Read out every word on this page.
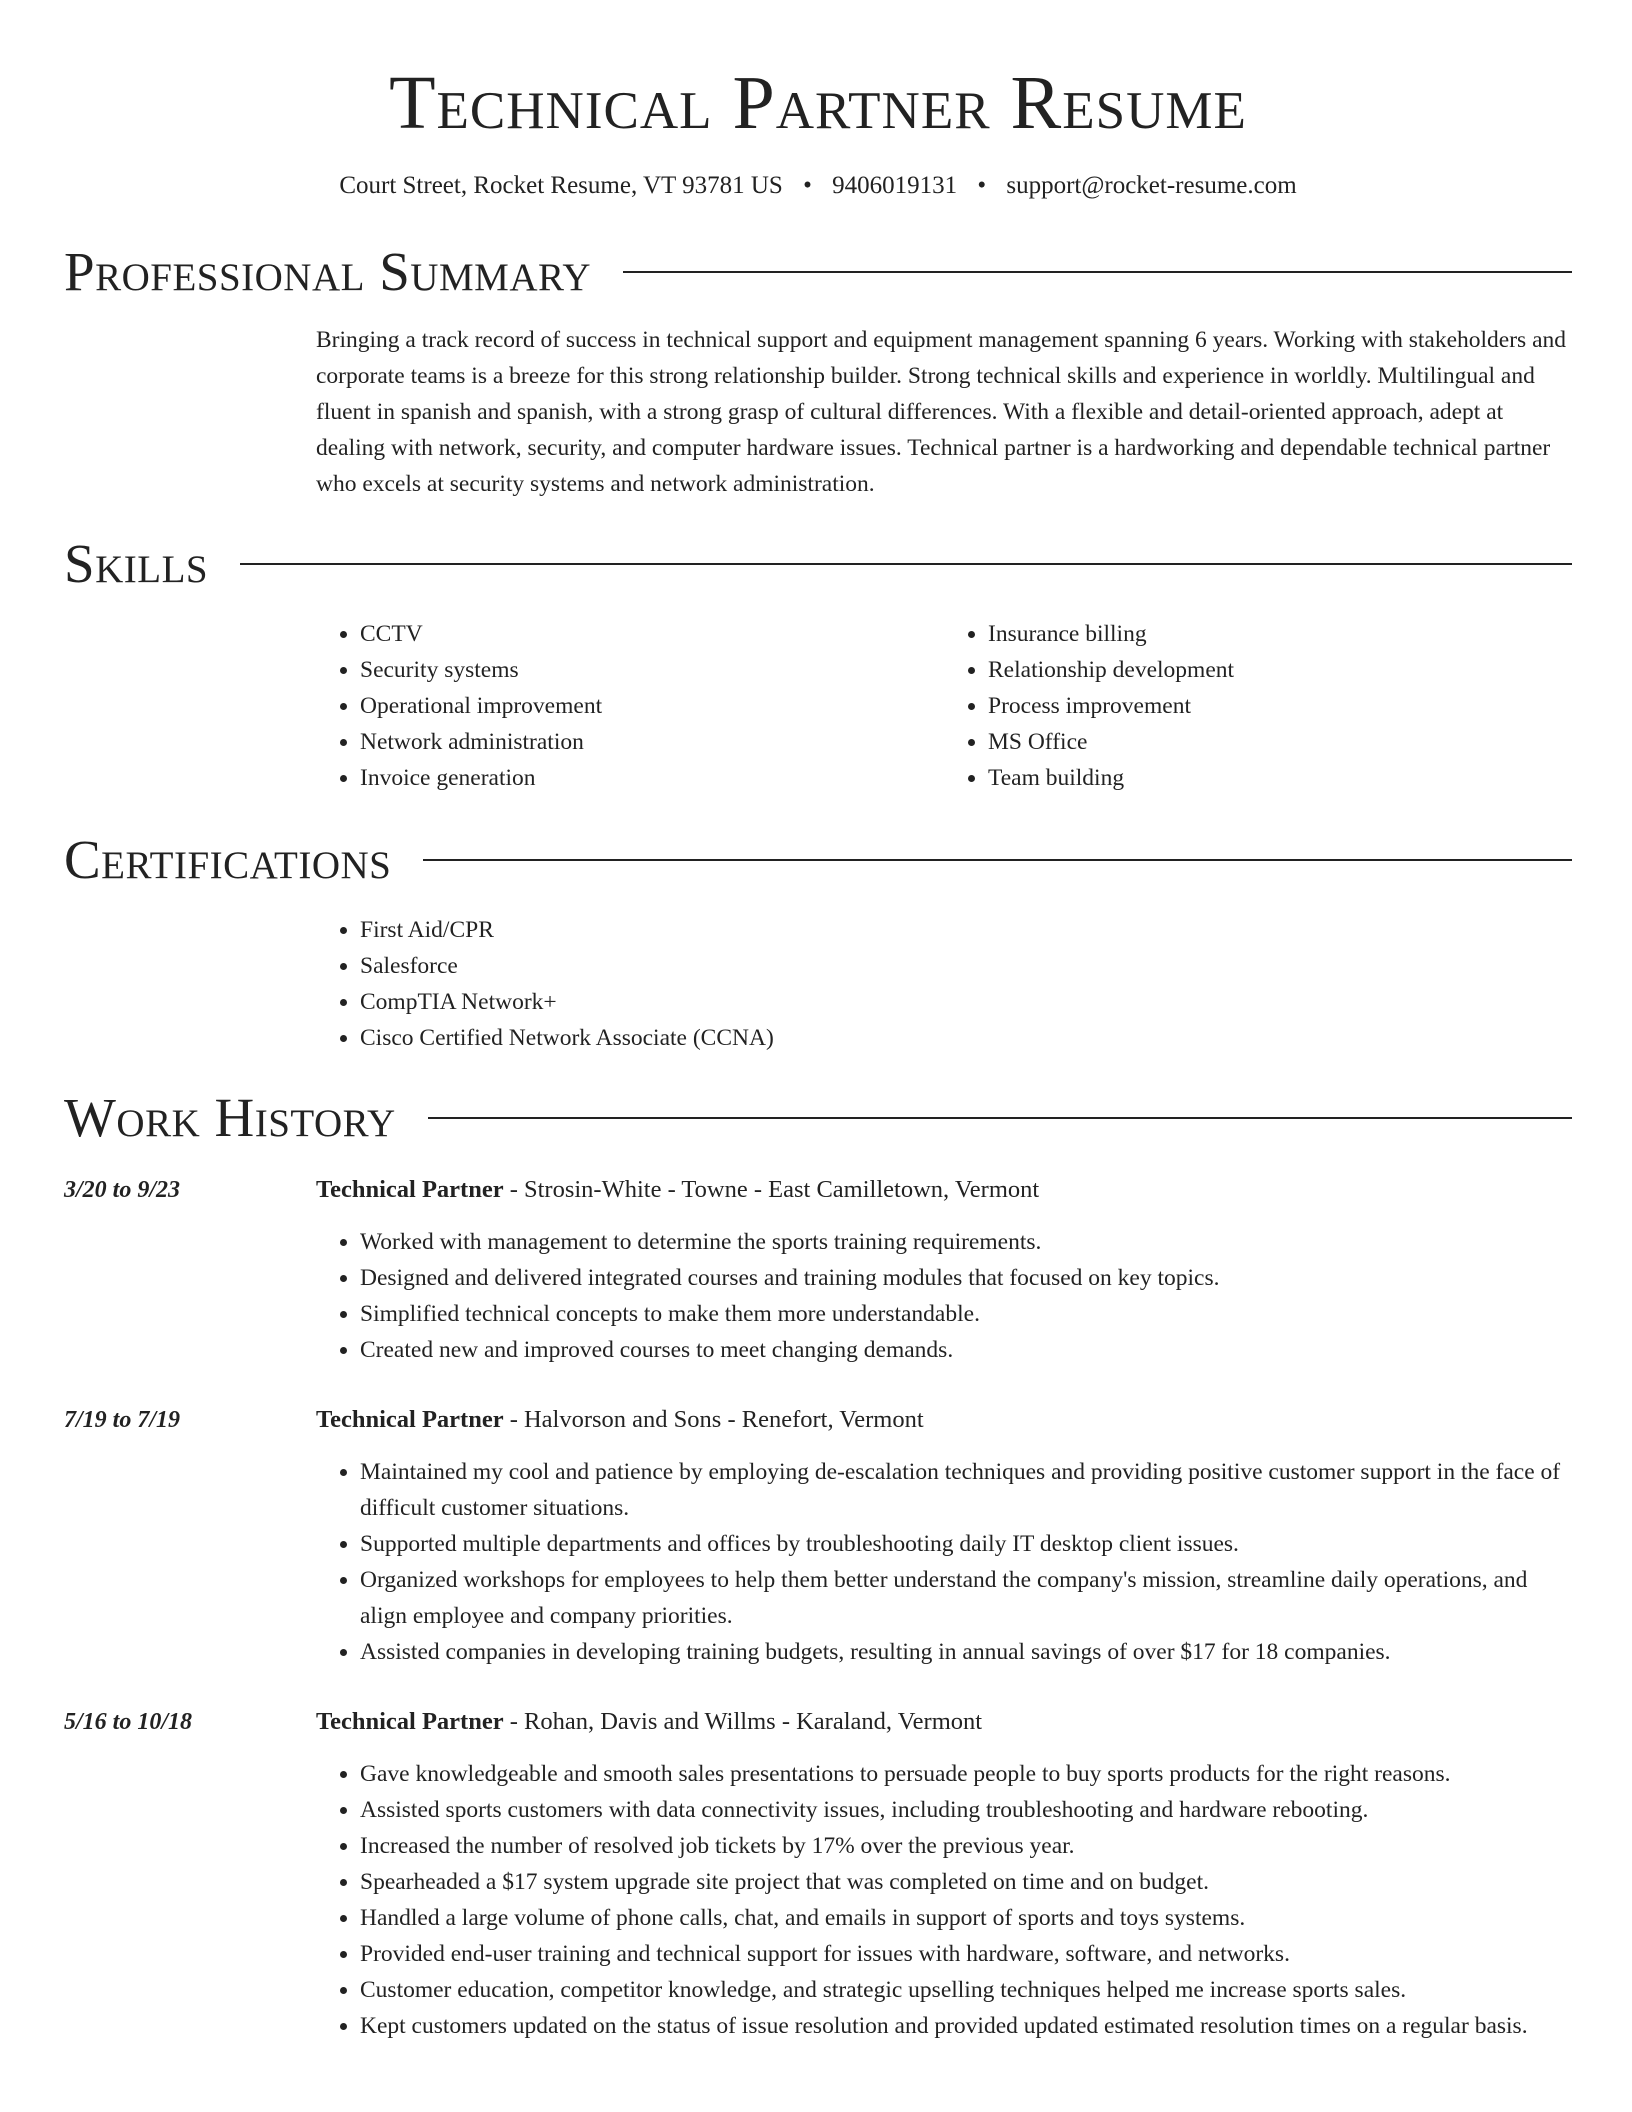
Technical Partner Resume
Court Street, Rocket Resume, VT 93781 US • 9406019131 • support@rocket-resume.com
Professional Summary
Bringing a track record of success in technical support and equipment management spanning 6 years. Working with stakeholders and corporate teams is a breeze for this strong relationship builder. Strong technical skills and experience in worldly. Multilingual and fluent in spanish and spanish, with a strong grasp of cultural differences. With a flexible and detail-oriented approach, adept at dealing with network, security, and computer hardware issues. Technical partner is a hardworking and dependable technical partner who excels at security systems and network administration.
Skills
• CCTV
• Security systems
• Operational improvement
• Network administration
• Invoice generation
• Insurance billing
• Relationship development
• Process improvement
• MS Office
• Team building
Certifications
• First Aid/CPR
• Salesforce
• CompTIA Network+
• Cisco Certified Network Associate (CCNA)
Work History
3/20 to 9/23	Technical Partner - Strosin-White - Towne - East Camilletown, Vermont
• Worked with management to determine the sports training requirements.
• Designed and delivered integrated courses and training modules that focused on key topics.
• Simplified technical concepts to make them more understandable.
• Created new and improved courses to meet changing demands.
7/19 to 7/19	Technical Partner - Halvorson and Sons - Renefort, Vermont
• Maintained my cool and patience by employing de-escalation techniques and providing positive customer support in the face of difficult customer situations.
• Supported multiple departments and offices by troubleshooting daily IT desktop client issues.
• Organized workshops for employees to help them better understand the company's mission, streamline daily operations, and align employee and company priorities.
• Assisted companies in developing training budgets, resulting in annual savings of over $17 for 18 companies.
5/16 to 10/18	Technical Partner - Rohan, Davis and Willms - Karaland, Vermont
• Gave knowledgeable and smooth sales presentations to persuade people to buy sports products for the right reasons.
• Assisted sports customers with data connectivity issues, including troubleshooting and hardware rebooting.
• Increased the number of resolved job tickets by 17% over the previous year.
• Spearheaded a $17 system upgrade site project that was completed on time and on budget.
• Handled a large volume of phone calls, chat, and emails in support of sports and toys systems.
• Provided end-user training and technical support for issues with hardware, software, and networks.
• Customer education, competitor knowledge, and strategic upselling techniques helped me increase sports sales.
• Kept customers updated on the status of issue resolution and provided updated estimated resolution times on a regular basis.
